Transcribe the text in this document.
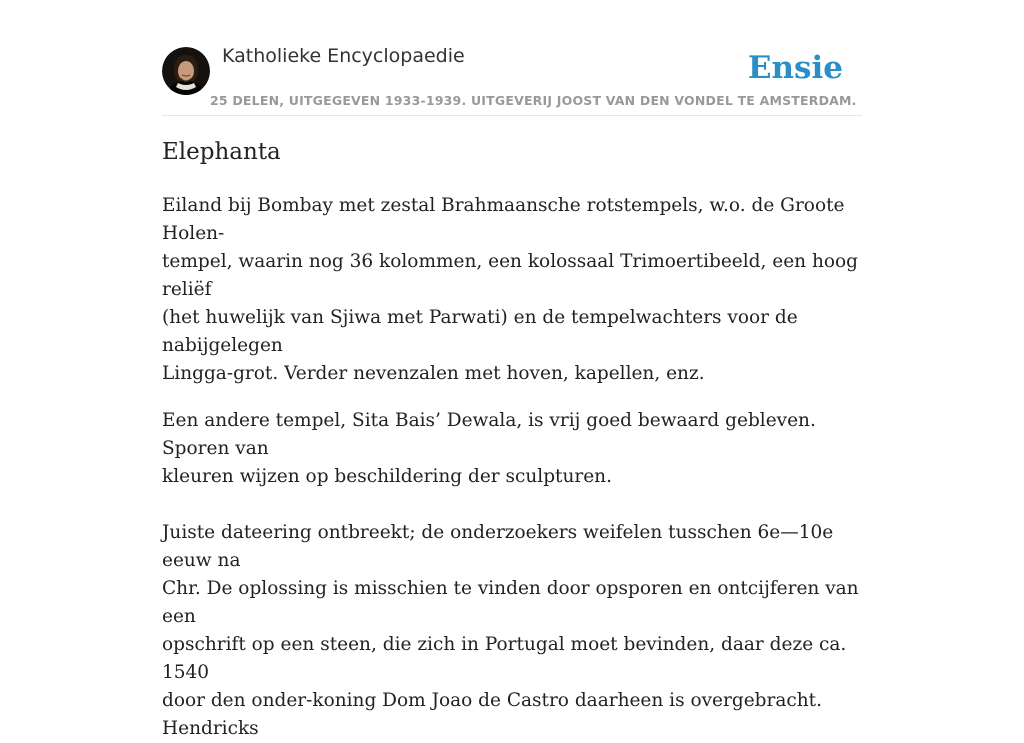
Katholieke Encyclopaedie	Ensie
25 DELEN, UITGEGEVEN 1933-1939. UITGEVERIJ JOOST VAN DEN VONDEL TE AMSTERDAM.
Elephanta

Eiland bij Bombay met zestal Brahmaansche rotstempels, w.o. de Groote Holen-
tempel, waarin nog 36 kolommen, een kolossaal Trimoertibeeld, een hoog reliëf
(het huwelijk van Sjiwa met Parwati) en de tempelwachters voor de nabijgelegen
Lingga-grot. Verder nevenzalen met hoven, kapellen, enz.

Een andere tempel, Sita Bais’ Dewala, is vrij goed bewaard gebleven. Sporen van
kleuren wijzen op beschildering der sculpturen.

Juiste dateering ontbreekt; de onderzoekers weifelen tusschen 6e—10e eeuw na
Chr. De oplossing is misschien te vinden door opsporen en ontcijferen van een
opschrift op een steen, die zich in Portugal moet bevinden, daar deze ca. 1540
door den onder-koning Dom Joao de Castro daarheen is overgebracht. Hendricks
